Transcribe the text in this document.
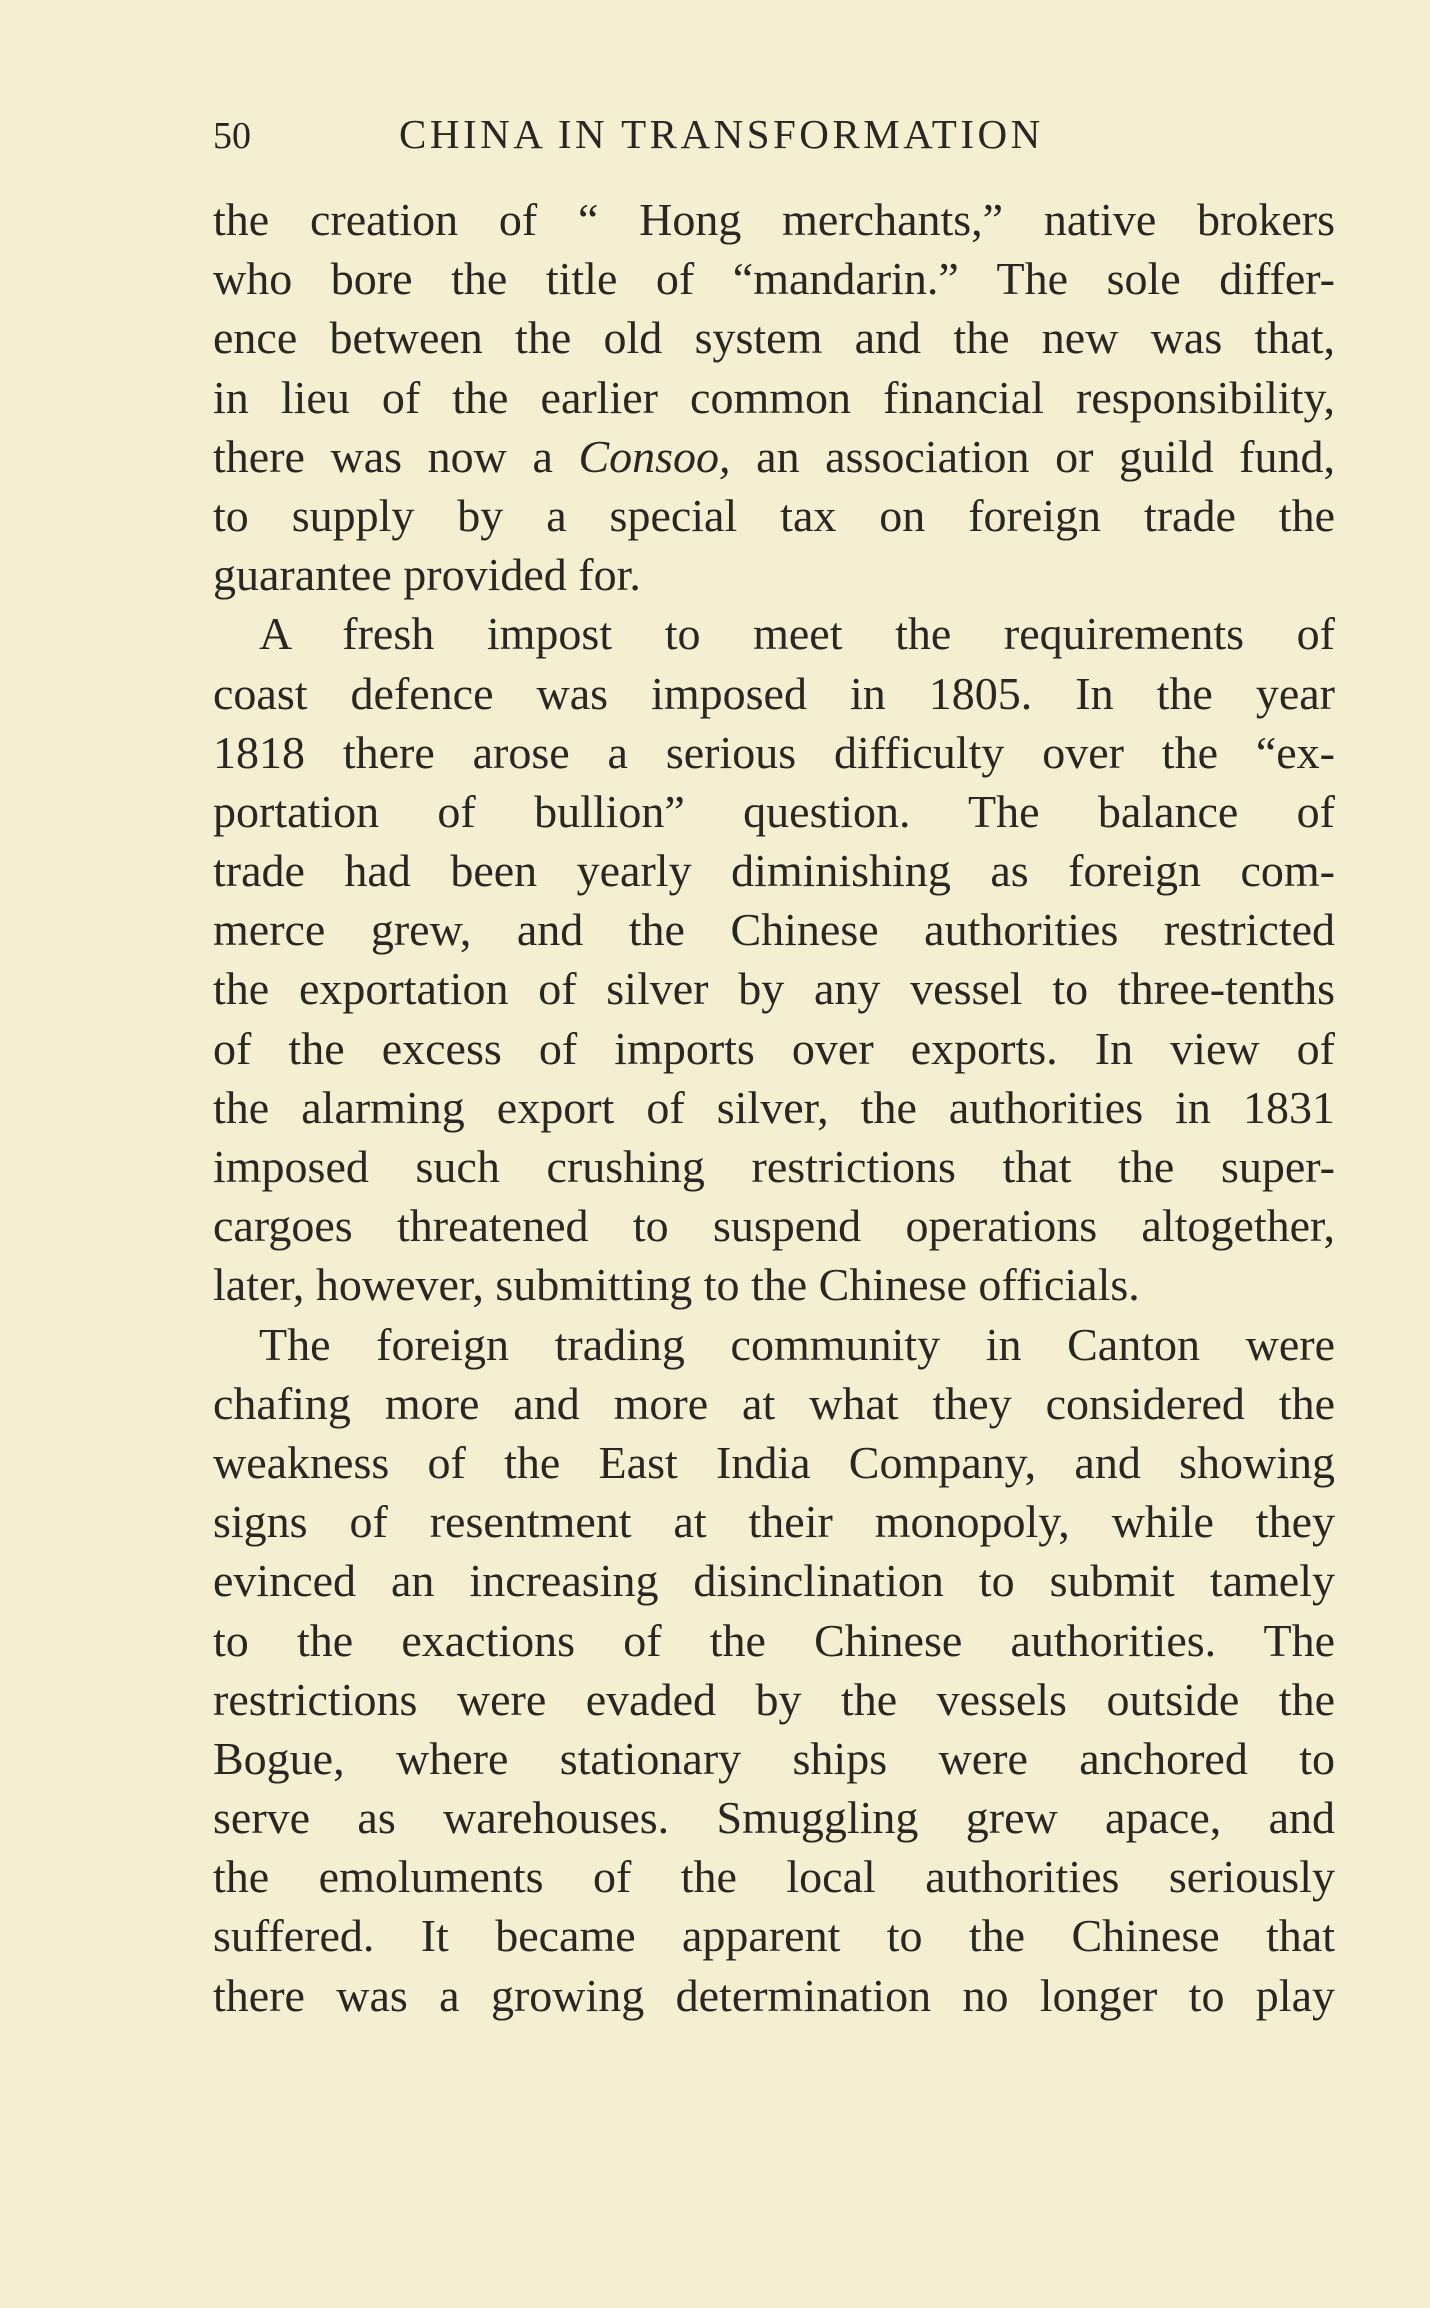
50	CHINA IN TRANSFORMATION
the creation of “ Hong merchants,” native brokers
who bore the title of “mandarin.” The sole differ-
ence between the old system and the new was that,
in lieu of the earlier common financial responsibility,
there was now a Consoo, an association or guild fund,
to supply by a special tax on foreign trade the
guarantee provided for.
A fresh impost to meet the requirements of
coast defence was imposed in 1805. In the year
1818 there arose a serious difficulty over the “ex-
portation of bullion” question. The balance of
trade had been yearly diminishing as foreign com-
merce grew, and the Chinese authorities restricted
the exportation of silver by any vessel to three-tenths
of the excess of imports over exports. In view of
the alarming export of silver, the authorities in 1831
imposed such crushing restrictions that the super-
cargoes threatened to suspend operations altogether,
later, however, submitting to the Chinese officials.
The foreign trading community in Canton were
chafing more and more at what they considered the
weakness of the East India Company, and showing
signs of resentment at their monopoly, while they
evinced an increasing disinclination to submit tamely
to the exactions of the Chinese authorities. The
restrictions were evaded by the vessels outside the
Bogue, where stationary ships were anchored to
serve as warehouses. Smuggling grew apace, and
the emoluments of the local authorities seriously
suffered. It became apparent to the Chinese that
there was a growing determination no longer to play
